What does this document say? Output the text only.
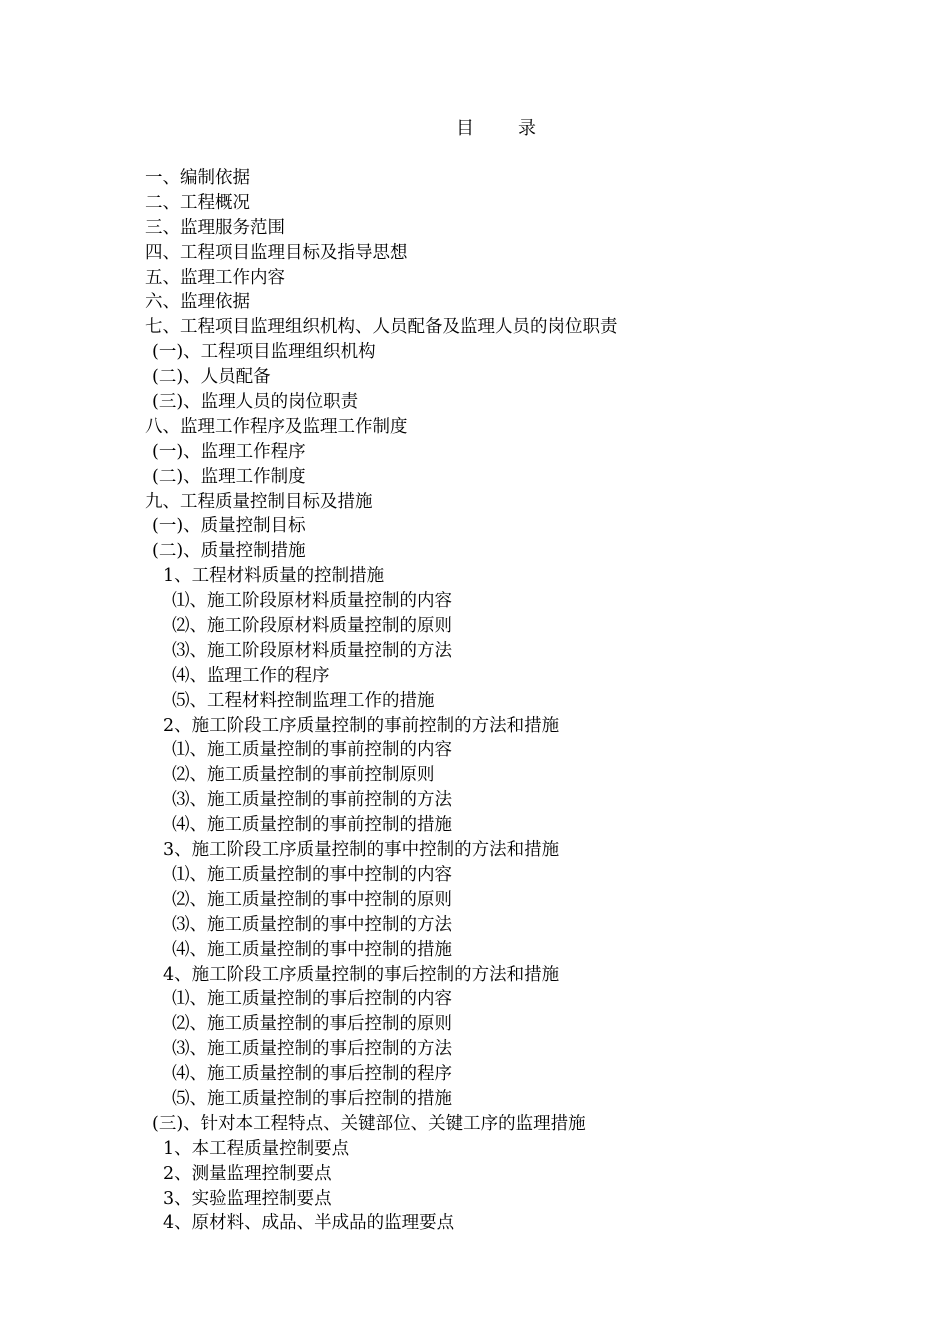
目 录
一、编制依据
二、工程概况
三、监理服务范围
四、工程项目监理目标及指导思想
五、监理工作内容
六、监理依据
七、工程项目监理组织机构、人员配备及监理人员的岗位职责
(一)、工程项目监理组织机构
(二)、人员配备
(三)、监理人员的岗位职责
八、监理工作程序及监理工作制度
(一)、监理工作程序
(二)、监理工作制度
九、工程质量控制目标及措施
(一)、质量控制目标
(二)、质量控制措施
1、工程材料质量的控制措施
⑴、施工阶段原材料质量控制的内容
⑵、施工阶段原材料质量控制的原则
⑶、施工阶段原材料质量控制的方法
⑷、监理工作的程序
⑸、工程材料控制监理工作的措施
2、施工阶段工序质量控制的事前控制的方法和措施
⑴、施工质量控制的事前控制的内容
⑵、施工质量控制的事前控制原则
⑶、施工质量控制的事前控制的方法
⑷、施工质量控制的事前控制的措施
3、施工阶段工序质量控制的事中控制的方法和措施
⑴、施工质量控制的事中控制的内容
⑵、施工质量控制的事中控制的原则
⑶、施工质量控制的事中控制的方法
⑷、施工质量控制的事中控制的措施
4、施工阶段工序质量控制的事后控制的方法和措施
⑴、施工质量控制的事后控制的内容
⑵、施工质量控制的事后控制的原则
⑶、施工质量控制的事后控制的方法
⑷、施工质量控制的事后控制的程序
⑸、施工质量控制的事后控制的措施
(三)、针对本工程特点、关键部位、关键工序的监理措施
1、本工程质量控制要点
2、测量监理控制要点
3、实验监理控制要点
4、原材料、成品、半成品的监理要点
